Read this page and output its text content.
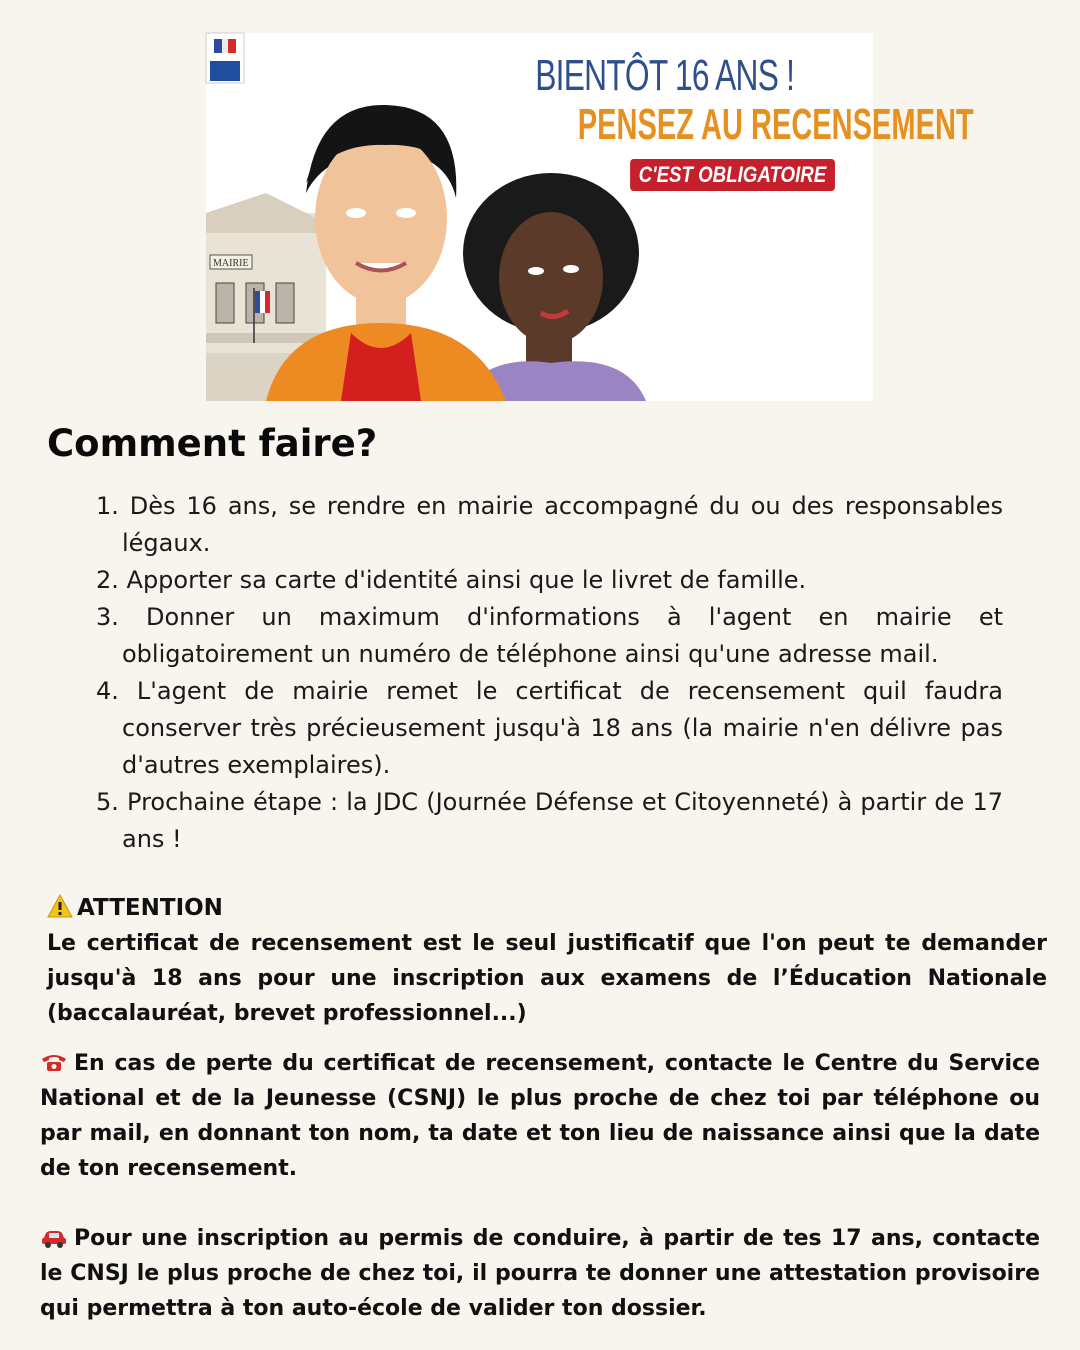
MAIRIE
BIENTÔT 16 ANS !
PENSEZ AU RECENSEMENT
C'EST OBLIGATOIRE
Comment faire?
1. Dès 16 ans, se rendre en mairie accompagné du ou des responsables légaux.
2. Apporter sa carte d'identité ainsi que le livret de famille.
3. Donner un maximum d'informations à l'agent en mairie et obligatoirement un numéro de téléphone ainsi qu'une adresse mail.
4. L'agent de mairie remet le certificat de recensement quil faudra conserver très précieusement jusqu'à 18 ans (la mairie n'en délivre pas d'autres exemplaires).
5. Prochaine étape : la JDC (Journée Défense et Citoyenneté) à partir de 17 ans !
ATTENTION

Le certificat de recensement est le seul justificatif que l'on peut te demander jusqu'à 18 ans pour une inscription aux examens de l’Éducation Nationale (baccalauréat, brevet professionnel...)

En cas de perte du certificat de recensement, contacte le Centre du Service National et de la Jeunesse (CSNJ) le plus proche de chez toi par téléphone ou par mail, en donnant ton nom, ta date et ton lieu de naissance ainsi que la date de ton recensement.

Pour une inscription au permis de conduire, à partir de tes 17 ans, contacte le CNSJ le plus proche de chez toi, il pourra te donner une attestation provisoire qui permettra à ton auto-école de valider ton dossier.
